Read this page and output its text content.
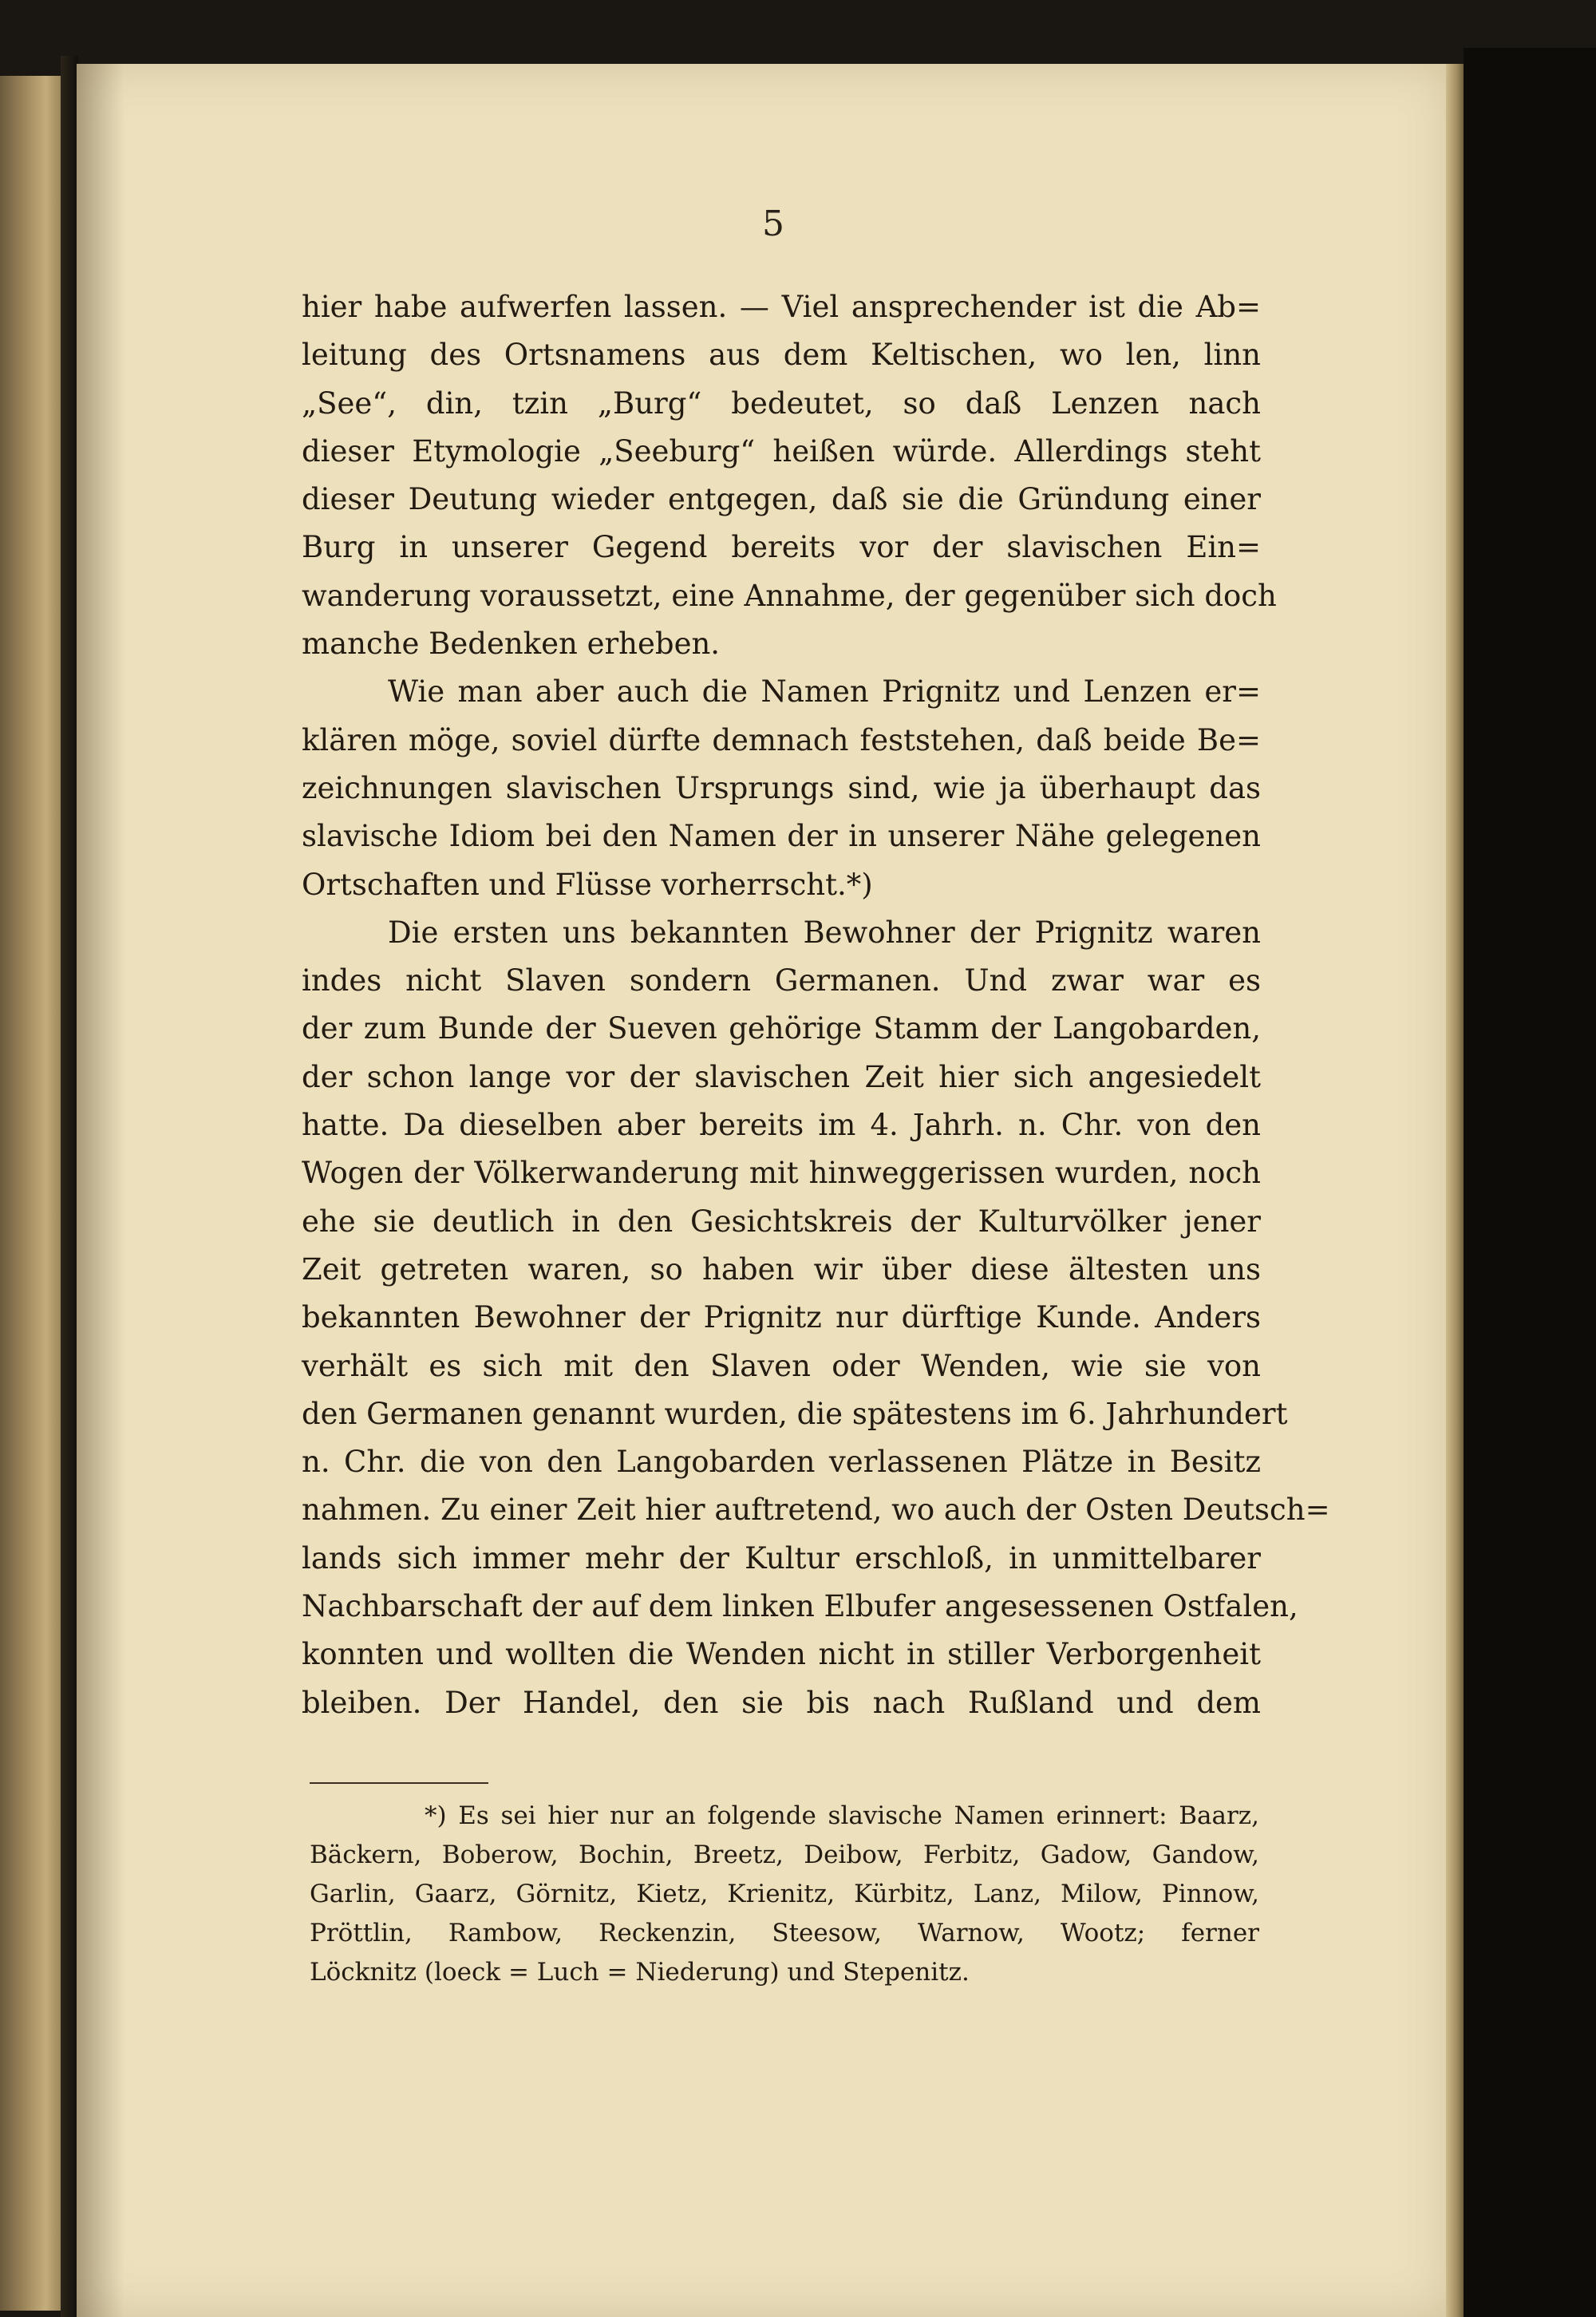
5
hier habe aufwerfen lassen. — Viel ansprechender ist die Ab=
leitung des Ortsnamens aus dem Keltischen, wo len, linn
„See“, din, tzin „Burg“ bedeutet, so daß Lenzen nach
dieser Etymologie „Seeburg“ heißen würde. Allerdings steht
dieser Deutung wieder entgegen, daß sie die Gründung einer
Burg in unserer Gegend bereits vor der slavischen Ein=
wanderung voraussetzt, eine Annahme, der gegenüber sich doch
manche Bedenken erheben.
Wie man aber auch die Namen Prignitz und Lenzen er=
klären möge, soviel dürfte demnach feststehen, daß beide Be=
zeichnungen slavischen Ursprungs sind, wie ja überhaupt das
slavische Idiom bei den Namen der in unserer Nähe gelegenen
Ortschaften und Flüsse vorherrscht.*)
Die ersten uns bekannten Bewohner der Prignitz waren
indes nicht Slaven sondern Germanen. Und zwar war es
der zum Bunde der Sueven gehörige Stamm der Langobarden,
der schon lange vor der slavischen Zeit hier sich angesiedelt
hatte. Da dieselben aber bereits im 4. Jahrh. n. Chr. von den
Wogen der Völkerwanderung mit hinweggerissen wurden, noch
ehe sie deutlich in den Gesichtskreis der Kulturvölker jener
Zeit getreten waren, so haben wir über diese ältesten uns
bekannten Bewohner der Prignitz nur dürftige Kunde. Anders
verhält es sich mit den Slaven oder Wenden, wie sie von
den Germanen genannt wurden, die spätestens im 6. Jahrhundert
n. Chr. die von den Langobarden verlassenen Plätze in Besitz
nahmen. Zu einer Zeit hier auftretend, wo auch der Osten Deutsch=
lands sich immer mehr der Kultur erschloß, in unmittelbarer
Nachbarschaft der auf dem linken Elbufer angesessenen Ostfalen,
konnten und wollten die Wenden nicht in stiller Verborgenheit
bleiben. Der Handel, den sie bis nach Rußland und dem
*) Es sei hier nur an folgende slavische Namen erinnert: Baarz,
Bäckern, Boberow, Bochin, Breetz, Deibow, Ferbitz, Gadow, Gandow,
Garlin, Gaarz, Görnitz, Kietz, Krienitz, Kürbitz, Lanz, Milow, Pinnow,
Pröttlin, Rambow, Reckenzin, Steesow, Warnow, Wootz; ferner
Löcknitz (loeck = Luch = Niederung) und Stepenitz.
